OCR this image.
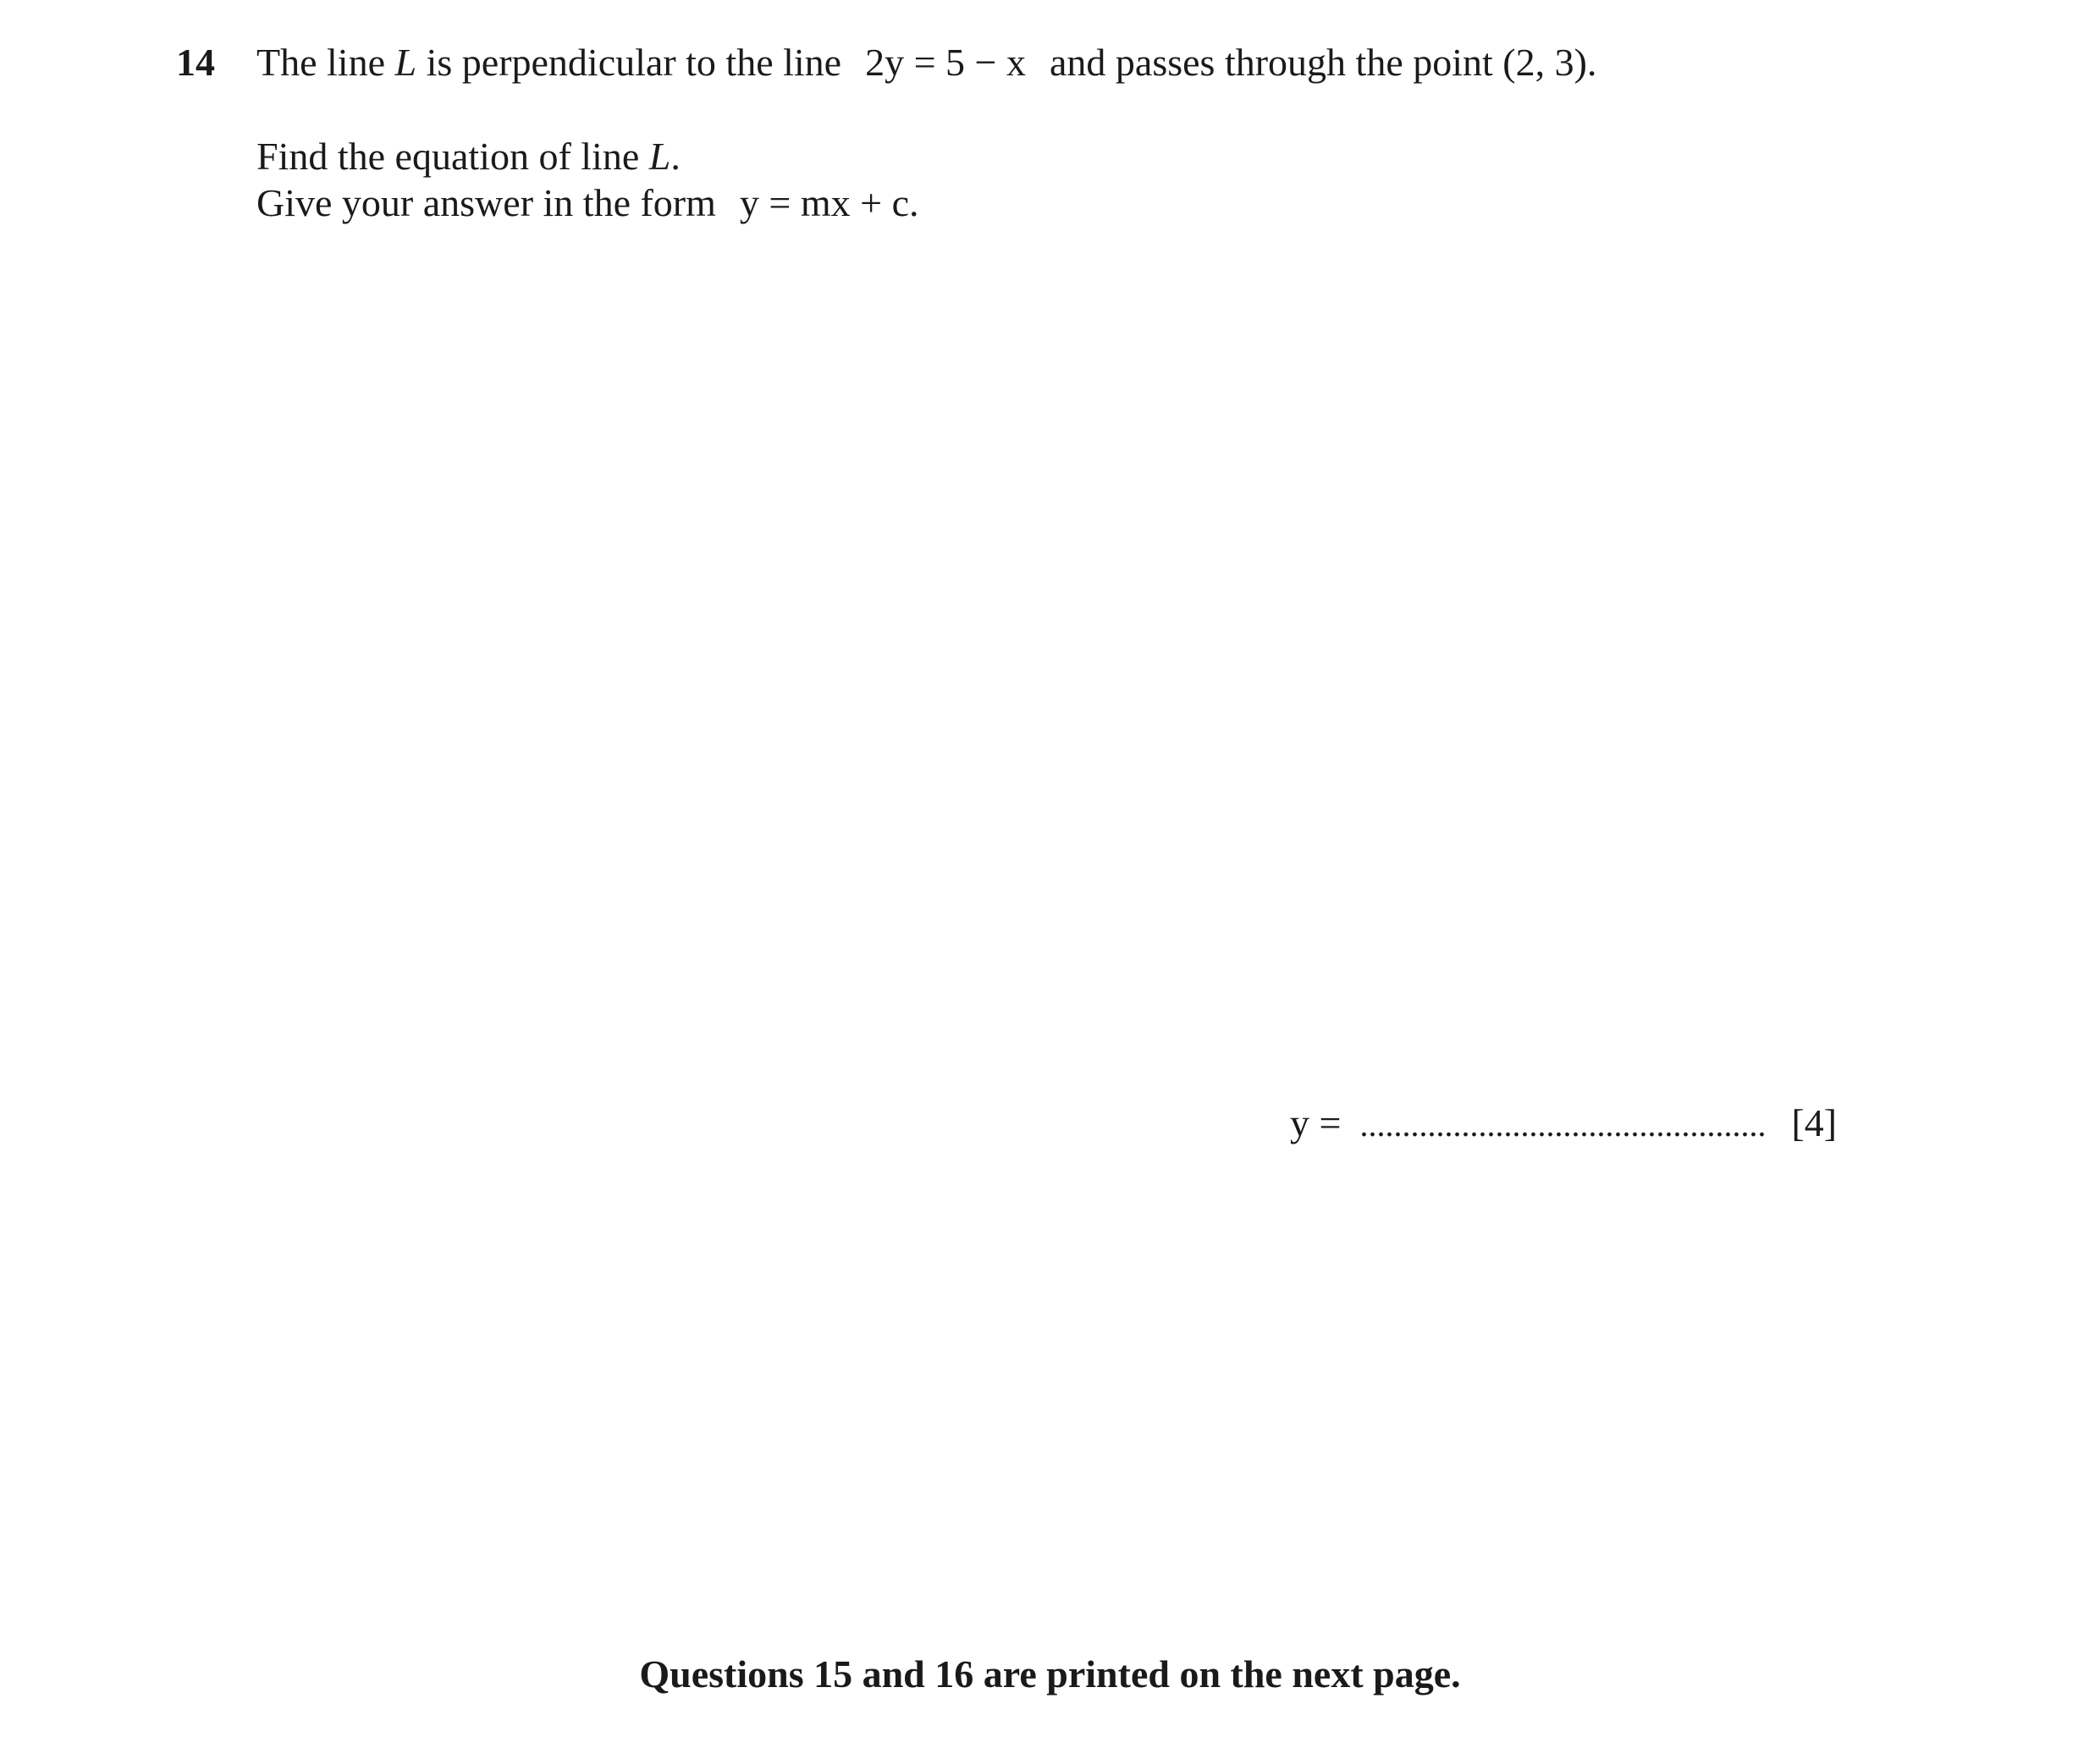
14 The line L is perpendicular to the line 2y = 5 − x and passes through the point (2, 3).
Find the equation of line L.
Give your answer in the form y = mx + c.
y = ................................................ [4]
Questions 15 and 16 are printed on the next page.
